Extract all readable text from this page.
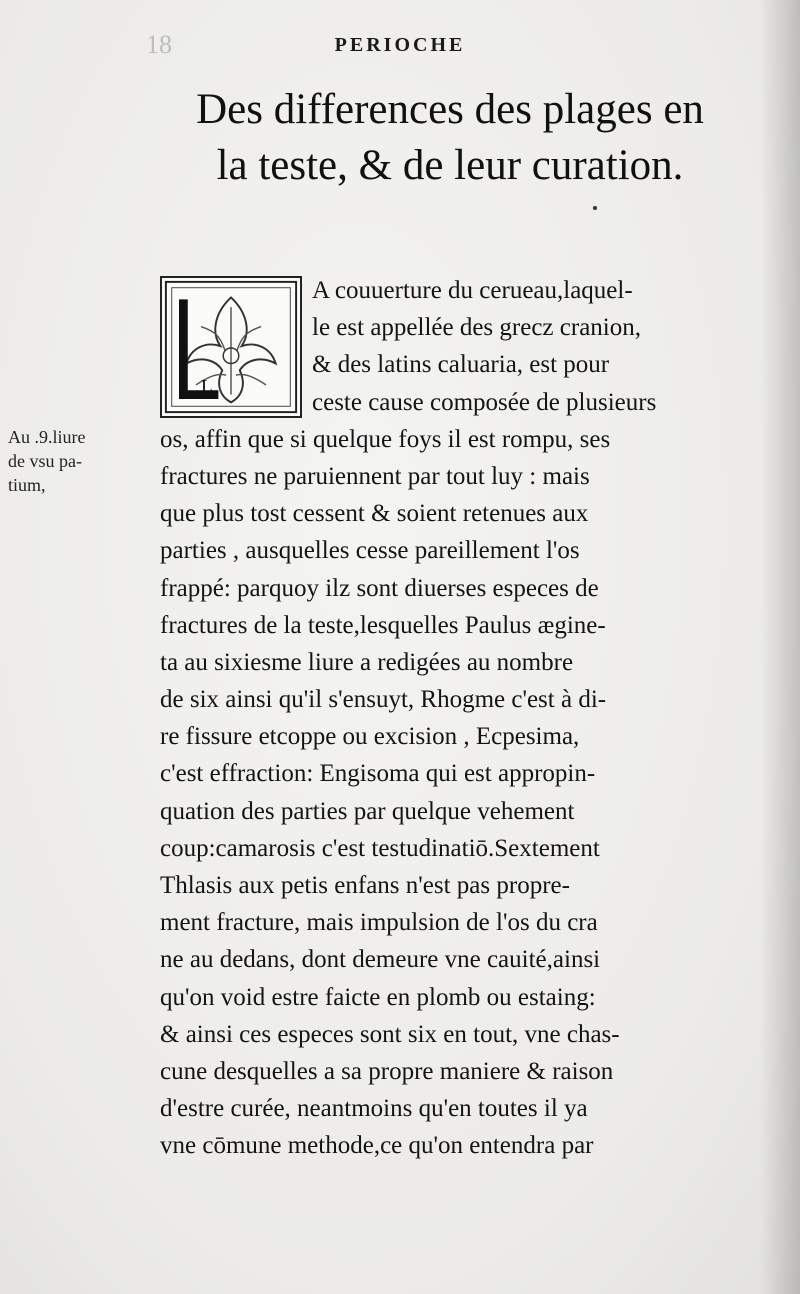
18	PERIOCHE
Des differences des plages en
la teste, & de leur curation.
L
Au .9.liure
de vsu pa-
tium,
A couuerture du cerueau,laquel-
le est appellée des grecz cranion,
& des latins caluaria, est pour
ceste cause composée de plusieurs
os, affin que si quelque foys il est rompu, ses
fractures ne paruiennent par tout luy : mais
que plus tost cessent & soient retenues aux
parties , ausquelles cesse pareillement l'os
frappé: parquoy ilz sont diuerses especes de
fractures de la teste,lesquelles Paulus ægine-
ta au sixiesme liure a redigées au nombre
de six ainsi qu'il s'ensuyt, Rhogme c'est à di-
re fissure etcoppe ou excision , Ecpesima,
c'est effraction: Engisoma qui est appropin-
quation des parties par quelque vehement
coup:camarosis c'est testudinatiō.Sextement
Thlasis aux petis enfans n'est pas propre-
ment fracture, mais impulsion de l'os du cra
ne au dedans, dont demeure vne cauité,ainsi
qu'on void estre faicte en plomb ou estaing:
& ainsi ces especes sont six en tout, vne chas-
cune desquelles a sa propre maniere & raison
d'estre curée, neantmoins qu'en toutes il ya
vne cōmune methode,ce qu'on entendra par
